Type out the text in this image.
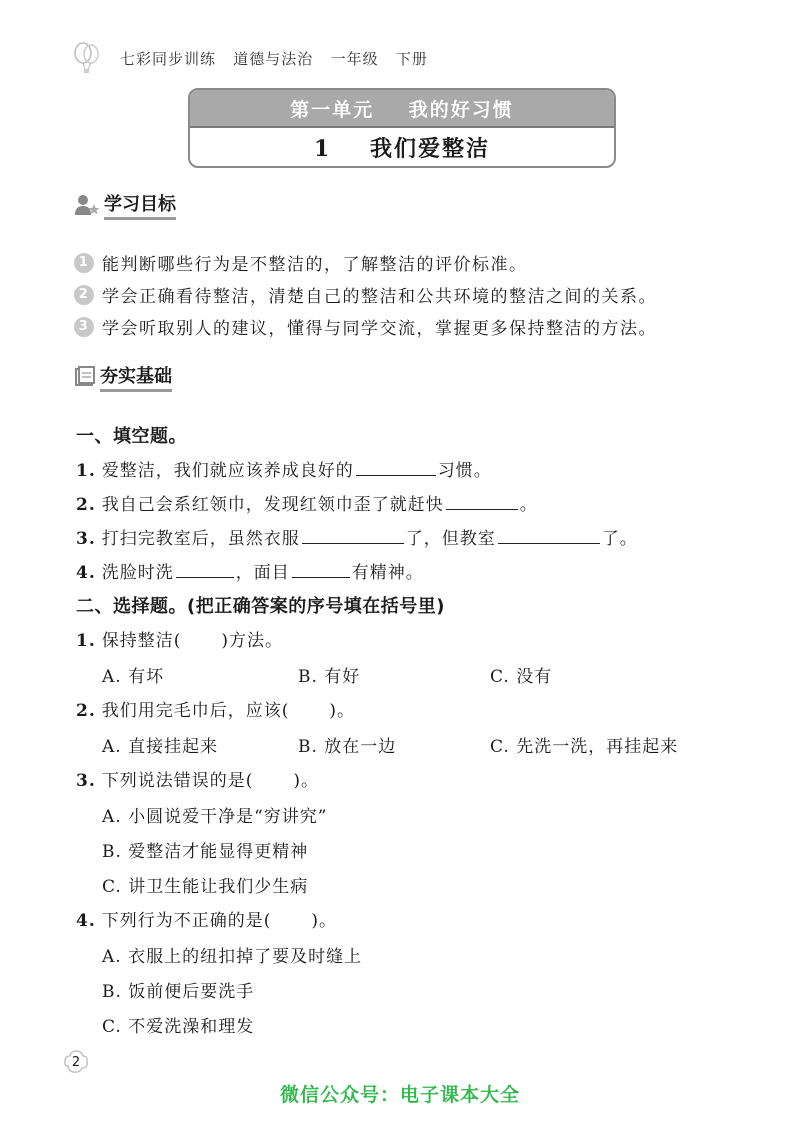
七彩同步训练   道德与法治   一年级   下册
第一单元    我的好习惯
1    我们爱整洁
学习目标
1 能判断哪些行为是不整洁的，了解整洁的评价标准。
2 学会正确看待整洁，清楚自己的整洁和公共环境的整洁之间的关系。
3 学会听取别人的建议，懂得与同学交流，掌握更多保持整洁的方法。
夯实基础
一、填空题。
1. 爱整洁，我们就应该养成良好的	习惯。
2. 我自己会系红领巾，发现红领巾歪了就赶快	。
3. 打扫完教室后，虽然衣服	了，但教室	了。
4. 洗脸时洗	，面目	有精神。
二、选择题。(把正确答案的序号填在括号里)
1. 保持整洁( )方法。
A. 有坏	B. 有好	C. 没有
2. 我们用完毛巾后，应该( )。
A. 直接挂起来	B. 放在一边	C. 先洗一洗，再挂起来
3. 下列说法错误的是( )。
A. 小圆说爱干净是“穷讲究”
B. 爱整洁才能显得更精神
C. 讲卫生能让我们少生病
4. 下列行为不正确的是( )。
A. 衣服上的纽扣掉了要及时缝上
B. 饭前便后要洗手
C. 不爱洗澡和理发
2
微信公众号：电子课本大全
